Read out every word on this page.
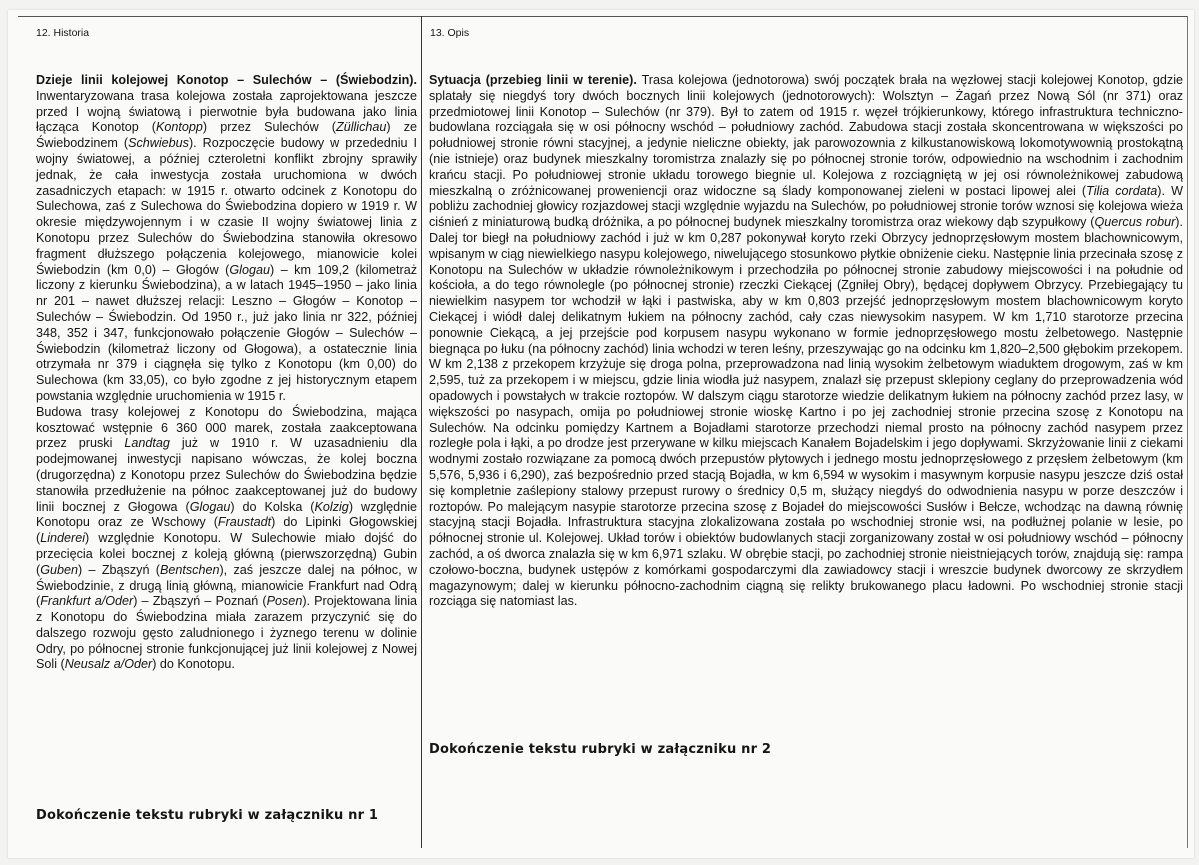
12. Historia	13. Opis

Dzieje linii kolejowej Konotop – Sulechów – (Świebodzin). Inwentaryzowana trasa kolejowa została zaprojektowana jeszcze przed I wojną światową i pierwotnie była budowana jako linia łącząca Konotop (Kontopp) przez Sulechów (Züllichau) ze Świebodzinem (Schwiebus). Rozpoczęcie budowy w przededniu I wojny światowej, a później czteroletni konflikt zbrojny sprawiły jednak, że cała inwestycja została uruchomiona w dwóch zasadniczych etapach: w 1915 r. otwarto odcinek z Konotopu do Sulechowa, zaś z Sulechowa do Świebodzina dopiero w 1919 r. W okresie międzywojennym i w czasie II wojny światowej linia z Konotopu przez Sulechów do Świebodzina stanowiła okresowo fragment dłuższego połączenia kolejowego, mianowicie kolei Świebodzin (km 0,0) – Głogów (Glogau) – km 109,2 (kilometraż liczony z kierunku Świebodzina), a w latach 1945–1950 – jako linia nr 201 – nawet dłuższej relacji: Leszno – Głogów – Konotop – Sulechów – Świebodzin. Od 1950 r., już jako linia nr 322, później 348, 352 i 347, funkcjonowało połączenie Głogów – Sulechów – Świebodzin (kilometraż liczony od Głogowa), a ostatecznie linia otrzymała nr 379 i ciągnęła się tylko z Konotopu (km 0,00) do Sulechowa (km 33,05), co było zgodne z jej historycznym etapem powstania względnie uruchomienia w 1915 r.

Budowa trasy kolejowej z Konotopu do Świebodzina, mająca kosztować wstępnie 6 360 000 marek, została zaakceptowana przez pruski Landtag już w 1910 r. W uzasadnieniu dla podejmowanej inwestycji napisano wówczas, że kolej boczna (drugorzędna) z Konotopu przez Sulechów do Świebodzina będzie stanowiła przedłużenie na północ zaakceptowanej już do budowy linii bocznej z Głogowa (Glogau) do Kolska (Kolzig) względnie Konotopu oraz ze Wschowy (Fraustadt) do Lipinki Głogowskiej (Linderei) względnie Konotopu. W Sulechowie miało dojść do przecięcia kolei bocznej z koleją główną (pierwszorzędną) Gubin (Guben) – Zbąszyń (Bentschen), zaś jeszcze dalej na północ, w Świebodzinie, z drugą linią główną, mianowicie Frankfurt nad Odrą (Frankfurt a/Oder) – Zbąszyń – Poznań (Posen). Projektowana linia z Konotopu do Świebodzina miała zarazem przyczynić się do dalszego rozwoju gęsto zaludnionego i żyznego terenu w dolinie Odry, po północnej stronie funkcjonującej już linii kolejowej z Nowej Soli (Neusalz a/Oder) do Konotopu.

Dokończenie tekstu rubryki w załączniku nr 1

Sytuacja (przebieg linii w terenie). Trasa kolejowa (jednotorowa) swój początek brała na węzłowej stacji kolejowej Konotop, gdzie splatały się niegdyś tory dwóch bocznych linii kolejowych (jednotorowych): Wolsztyn – Żagań przez Nową Sól (nr 371) oraz przedmiotowej linii Konotop – Sulechów (nr 379). Był to zatem od 1915 r. węzeł trójkierunkowy, którego infrastruktura techniczno-budowlana rozciągała się w osi północny wschód – południowy zachód. Zabudowa stacji została skoncentrowana w większości po południowej stronie równi stacyjnej, a jedynie nieliczne obiekty, jak parowozownia z kilkustanowiskową lokomotywownią prostokątną (nie istnieje) oraz budynek mieszkalny toromistrza znalazły się po północnej stronie torów, odpowiednio na wschodnim i zachodnim krańcu stacji. Po południowej stronie układu torowego biegnie ul. Kolejowa z rozciągniętą w jej osi równoleżnikowej zabudową mieszkalną o zróżnicowanej proweniencji oraz widoczne są ślady komponowanej zieleni w postaci lipowej alei (Tilia cordata). W pobliżu zachodniej głowicy rozjazdowej stacji względnie wyjazdu na Sulechów, po południowej stronie torów wznosi się kolejowa wieża ciśnień z miniaturową budką dróżnika, a po północnej budynek mieszkalny toromistrza oraz wiekowy dąb szypułkowy (Quercus robur). Dalej tor biegł na południowy zachód i już w km 0,287 pokonywał koryto rzeki Obrzycy jednoprzęsłowym mostem blachownicowym, wpisanym w ciąg niewielkiego nasypu kolejowego, niwelującego stosunkowo płytkie obniżenie cieku. Następnie linia przecinała szosę z Konotopu na Sulechów w układzie równoleżnikowym i przechodziła po północnej stronie zabudowy miejscowości i na południe od kościoła, a do tego równolegle (po północnej stronie) rzeczki Ciekącej (Zgniłej Obry), będącej dopływem Obrzycy. Przebiegający tu niewielkim nasypem tor wchodził w łąki i pastwiska, aby w km 0,803 przejść jednoprzęsłowym mostem blachownicowym koryto Ciekącej i wiódł dalej delikatnym łukiem na północny zachód, cały czas niewysokim nasypem. W km 1,710 starotorze przecina ponownie Ciekącą, a jej przejście pod korpusem nasypu wykonano w formie jednoprzęsłowego mostu żelbetowego. Następnie biegnąca po łuku (na północny zachód) linia wchodzi w teren leśny, przeszywając go na odcinku km 1,820–2,500 głębokim przekopem. W km 2,138 z przekopem krzyżuje się droga polna, przeprowadzona nad linią wysokim żelbetowym wiaduktem drogowym, zaś w km 2,595, tuż za przekopem i w miejscu, gdzie linia wiodła już nasypem, znalazł się przepust sklepiony ceglany do przeprowadzenia wód opadowych i powstałych w trakcie roztopów. W dalszym ciągu starotorze wiedzie delikatnym łukiem na północny zachód przez lasy, w większości po nasypach, omija po południowej stronie wioskę Kartno i po jej zachodniej stronie przecina szosę z Konotopu na Sulechów. Na odcinku pomiędzy Kartnem a Bojadłami starotorze przechodzi niemal prosto na północny zachód nasypem przez rozległe pola i łąki, a po drodze jest przerywane w kilku miejscach Kanałem Bojadelskim i jego dopływami. Skrzyżowanie linii z ciekami wodnymi zostało rozwiązane za pomocą dwóch przepustów płytowych i jednego mostu jednoprzęsłowego z przęsłem żelbetowym (km 5,576, 5,936 i 6,290), zaś bezpośrednio przed stacją Bojadła, w km 6,594 w wysokim i masywnym korpusie nasypu jeszcze dziś ostał się kompletnie zaślepiony stalowy przepust rurowy o średnicy 0,5 m, służący niegdyś do odwodnienia nasypu w porze deszczów i roztopów. Po malejącym nasypie starotorze przecina szosę z Bojadeł do miejscowości Susłów i Bełcze, wchodząc na dawną równię stacyjną stacji Bojadła. Infrastruktura stacyjna zlokalizowana została po wschodniej stronie wsi, na podłużnej polanie w lesie, po północnej stronie ul. Kolejowej. Układ torów i obiektów budowlanych stacji zorganizowany został w osi południowy wschód – północny zachód, a oś dworca znalazła się w km 6,971 szlaku. W obrębie stacji, po zachodniej stronie nieistniejących torów, znajdują się: rampa czołowo-boczna, budynek ustępów z komórkami gospodarczymi dla zawiadowcy stacji i wreszcie budynek dworcowy ze skrzydłem magazynowym; dalej w kierunku północno-zachodnim ciągną się relikty brukowanego placu ładowni. Po wschodniej stronie stacji rozciąga się natomiast las.

Dokończenie tekstu rubryki w załączniku nr 2
